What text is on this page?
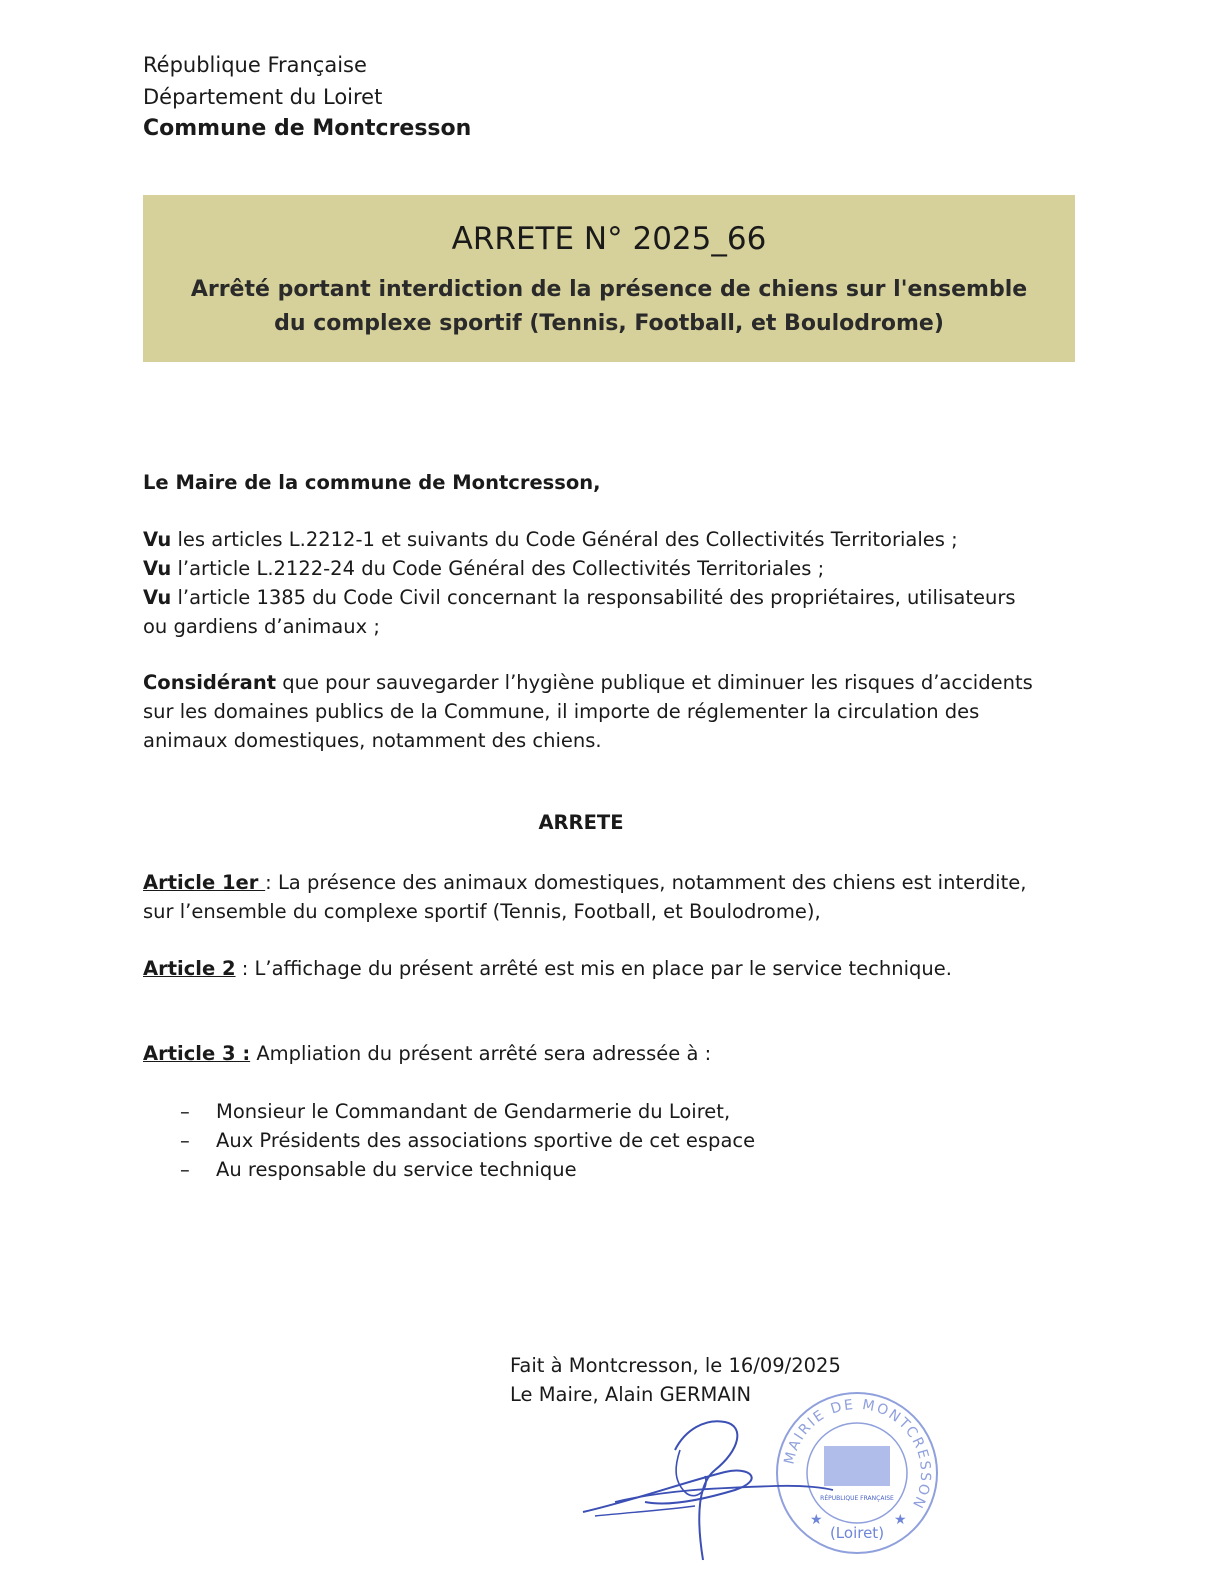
République Française
Département du Loiret
Commune de Montcresson
ARRETE N° 2025_66
Arrêté portant interdiction de la présence de chiens sur l'ensemble du complexe sportif (Tennis, Football, et Boulodrome)
Le Maire de la commune de Montcresson,
Vu les articles L.2212-1 et suivants du Code Général des Collectivités Territoriales ;
Vu l’article L.2122-24 du Code Général des Collectivités Territoriales ;
Vu l’article 1385 du Code Civil concernant la responsabilité des propriétaires, utilisateurs ou gardiens d’animaux ;
Considérant que pour sauvegarder l’hygiène publique et diminuer les risques d’accidents sur les domaines publics de la Commune, il importe de réglementer la circulation des animaux domestiques, notamment des chiens.
ARRETE
Article 1er : La présence des animaux domestiques, notamment des chiens est interdite, sur l’ensemble du complexe sportif (Tennis, Football, et Boulodrome),
Article 2 : L’affichage du présent arrêté est mis en place par le service technique.
Article 3 : Ampliation du présent arrêté sera adressée à :
– Monsieur le Commandant de Gendarmerie du Loiret,
– Aux Présidents des associations sportive de cet espace
– Au responsable du service technique
Fait à Montcresson, le 16/09/2025
Le Maire, Alain GERMAIN
MAIRIE DE MONTCRESSON
RÉPUBLIQUE FRANÇAISE
(Loiret)
★	★
